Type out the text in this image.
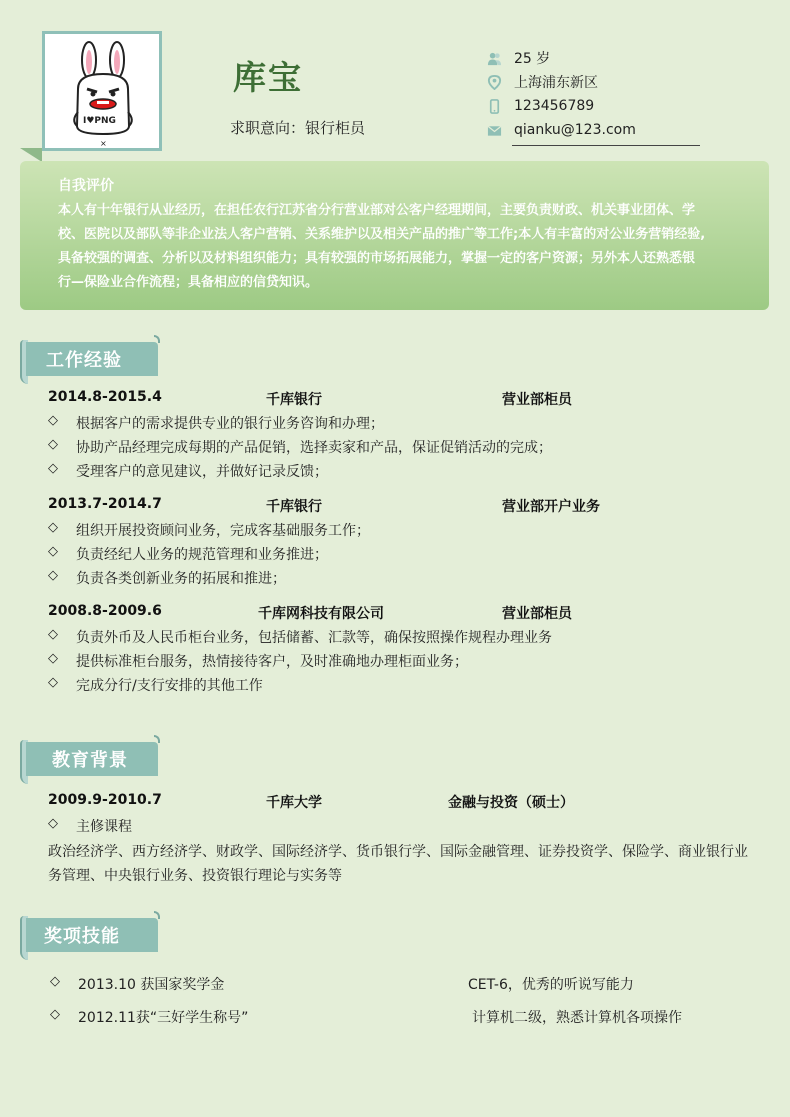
×
I♥PNG
库宝
求职意向：银行柜员
25 岁
上海浦东新区
123456789
qianku@123.com
自我评价
本人有十年银行从业经历，在担任农行江苏省分行营业部对公客户经理期间，主要负责财政、机关事业团体、学
校、医院以及部队等非企业法人客户营销、关系维护以及相关产品的推广等工作;本人有丰富的对公业务营销经验,
具备较强的调查、分析以及材料组织能力；具有较强的市场拓展能力，掌握一定的客户资源；另外本人还熟悉银
行—保险业合作流程；具备相应的信贷知识。
工作经验
2014.8-2015.4	千库银行	营业部柜员
◇	根据客户的需求提供专业的银行业务咨询和办理；
◇	协助产品经理完成每期的产品促销，选择卖家和产品，保证促销活动的完成；
◇	受理客户的意见建议，并做好记录反馈；
2013.7-2014.7	千库银行	营业部开户业务
◇	组织开展投资顾问业务，完成客基础服务工作；
◇	负责经纪人业务的规范管理和业务推进；
◇	负责各类创新业务的拓展和推进；
2008.8-2009.6	千库网科技有限公司	营业部柜员
◇	负责外币及人民币柜台业务，包括储蓄、汇款等，确保按照操作规程办理业务
◇	提供标准柜台服务，热情接待客户，及时准确地办理柜面业务；
◇	完成分行/支行安排的其他工作
教育背景
2009.9-2010.7	千库大学	金融与投资（硕士）
◇	主修课程
政治经济学、西方经济学、财政学、国际经济学、货币银行学、国际金融管理、证券投资学、保险学、商业银行业
务管理、中央银行业务、投资银行理论与实务等
奖项技能
◇	2013.10 获国家奖学金	CET-6，优秀的听说写能力
◇	2012.11获“三好学生称号”	计算机二级，熟悉计算机各项操作
